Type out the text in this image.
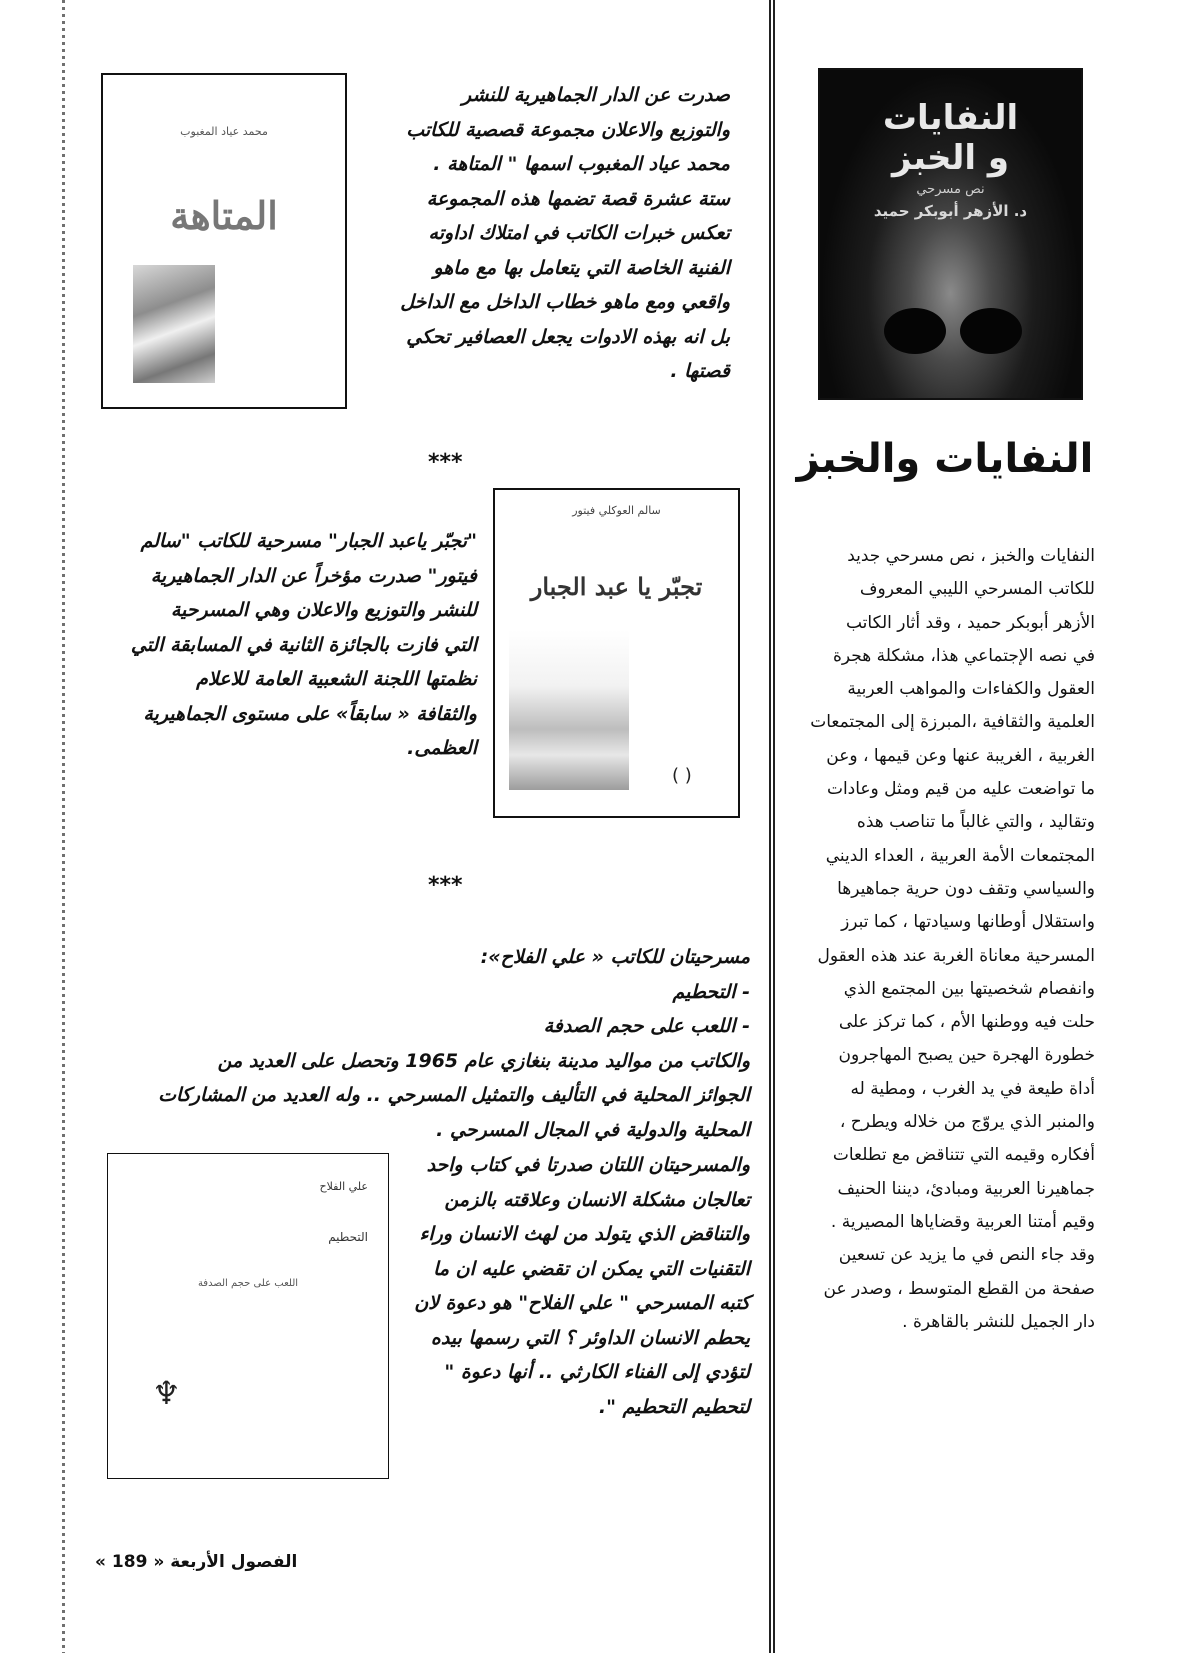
النفايات
و الخبز
نص مسرحي
د. الأزهر أبوبكر حميد
النفايات والخبز

النفايات والخبز ، نص مسرحي جديد

للكاتب المسرحي الليبي المعروف

الأزهر أبوبكر حميد ، وقد أثار الكاتب

في نصه الإجتماعي هذا، مشكلة هجرة

العقول والكفاءات والمواهب العربية

العلمية والثقافية ،المبرزة إلى المجتمعات

الغربية ، الغريبة عنها وعن قيمها ، وعن

ما تواضعت عليه من قيم ومثل وعادات

وتقاليد ، والتي غالباً ما تناصب هذه

المجتمعات الأمة العربية ، العداء الديني

والسياسي وتقف دون حرية جماهيرها

واستقلال أوطانها وسيادتها ، كما تبرز

المسرحية معاناة الغربة عند هذه العقول

وانفصام شخصيتها بين المجتمع الذي

حلت فيه ووطنها الأم ، كما تركز على

خطورة الهجرة حين يصبح المهاجرون

أداة طيعة في يد الغرب ، ومطية له

والمنبر الذي يروّج من خلاله ويطرح ،

أفكاره وقيمه التي تتناقض مع تطلعات

جماهيرنا العربية ومبادئ، ديننا الحنيف

وقيم أمتنا العربية وقضاياها المصيرية .

وقد جاء النص في ما يزيد عن تسعين

صفحة من القطع المتوسط ، وصدر عن

دار الجميل للنشر بالقاهرة .

محمد عياد المغبوب
المتاهة

صدرت عن الدار الجماهيرية للنشر

والتوزيع والاعلان مجموعة قصصية للكاتب

محمد عياد المغبوب اسمها " المتاهة .

ستة عشرة قصة تضمها هذه المجموعة

تعكس خبرات الكاتب في امتلاك اداوته

الفنية الخاصة التي يتعامل بها مع ماهو

واقعي ومع ماهو خطاب الداخل مع الداخل

بل انه بهذه الادوات يجعل العصافير تحكي

قصتها .

***
سالم العوكلي فيتور
تجبّر يا عبد الجبار
( )

"تجبّر ياعبد الجبار" مسرحية للكاتب "سالم

فيتور" صدرت مؤخراً عن الدار الجماهيرية

للنشر والتوزيع والاعلان وهي المسرحية

التي فازت بالجائزة الثانية في المسابقة التي

نظمتها اللجنة الشعبية العامة للاعلام

والثقافة « سابقاً» على مستوى الجماهيرية

العظمى.

***

مسرحيتان للكاتب « علي الفلاح»:

- التحطيم

- اللعب على حجم الصدفة

والكاتب من مواليد مدينة بنغازي عام 1965 وتحصل على العديد من

الجوائز المحلية في التأليف والتمثيل المسرحي .. وله العديد من المشاركات

المحلية والدولية في المجال المسرحي .

علي الفلاح
التحطيم
اللعب على حجم الصدفة
♆

والمسرحيتان اللتان صدرتا في كتاب واحد

تعالجان مشكلة الانسان وعلاقته بالزمن

والتناقض الذي يتولد من لهث الانسان وراء

التقنيات التي يمكن ان تقضي عليه ان ما

كتبه المسرحي " علي الفلاح" هو دعوة لان

يحطم الانسان الداوئر ؟ التي رسمها بيده

لتؤدي إلى الفناء الكارثي .. أنها دعوة "

لتحطيم التحطيم ".

الفصول الأربعة « 189 »
